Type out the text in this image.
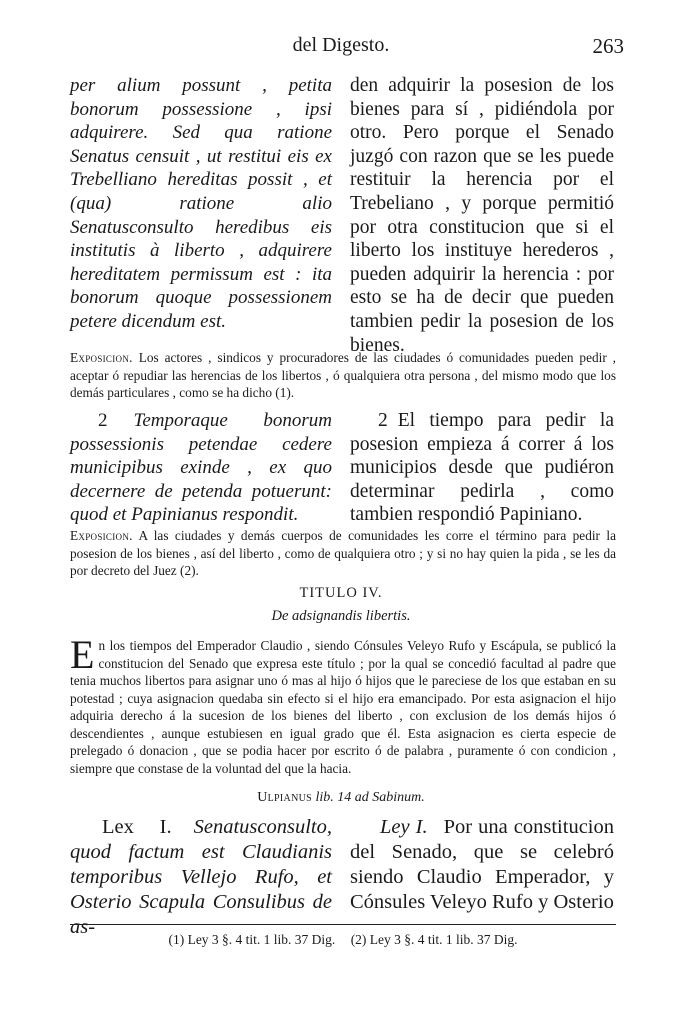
del Digesto.	263

per alium possunt , petita bonorum possessione , ipsi adquirere. Sed qua ratione Senatus censuit , ut restitui eis ex Trebelliano hereditas possit , et (qua) ratione alio Senatusconsulto heredibus eis institutis à liberto , adquirere hereditatem permissum est : ita bonorum quoque possessionem petere dicendum est.

den adquirir la posesion de los bienes para sí , pidiéndola por otro. Pero porque el Senado juzgó con razon que se les puede restituir la herencia por el Trebeliano , y porque permitió por otra constitucion que si el liberto los instituye herederos , pueden adquirir la herencia : por esto se ha de decir que pueden tambien pedir la posesion de los bienes.

Exposicion. Los actores , sindicos y procuradores de las ciudades ó comunidades pueden pedir , aceptar ó repudiar las herencias de los libertos , ó qualquiera otra persona , del mismo modo que los demás particulares , como se ha dicho (1).

2 Temporaque bonorum possessionis petendae cedere municipibus exinde , ex quo decernere de petenda potuerunt: quod et Papinianus respondit.

2 El tiempo para pedir la posesion empieza á correr á los municipios desde que pudiéron determinar pedirla , como tambien respondió Papiniano.

Exposicion. A las ciudades y demás cuerpos de comunidades les corre el término para pedir la posesion de los bienes , así del liberto , como de qualquiera otro ; y si no hay quien la pida , se les da por decreto del Juez (2).
TITULO IV.
De adsignandis libertis.
E n los tiempos del Emperador Claudio , siendo Cónsules Veleyo Rufo y Escápula, se publicó la constitucion del Senado que expresa este título ; por la qual se concedió facultad al padre que tenia muchos libertos para asignar uno ó mas al hijo ó hijos que le pareciese de los que estaban en su potestad ; cuya asignacion quedaba sin efecto si el hijo era emancipado. Por esta asignacion el hijo adquiria derecho á la sucesion de los bienes del liberto , con exclusion de los demás hijos ó descendientes , aunque estubiesen en igual grado que él. Esta asignacion es cierta especie de prelegado ó donacion , que se podia hacer por escrito ó de palabra , puramente ó con condicion , siempre que constase de la voluntad del que la hacia.
Ulpianus lib. 14 ad Sabinum.

Lex I. Senatusconsulto, quod factum est Claudianis temporibus Vellejo Rufo, et Osterio Scapula Consulibus de as-

Ley I. Por una constitucion del Senado, que se celebró siendo Claudio Emperador, y Cónsules Veleyo Rufo y Osterio

(1) Ley 3 §. 4 tit. 1 lib. 37 Dig. (2) Ley 3 §. 4 tit. 1 lib. 37 Dig.
